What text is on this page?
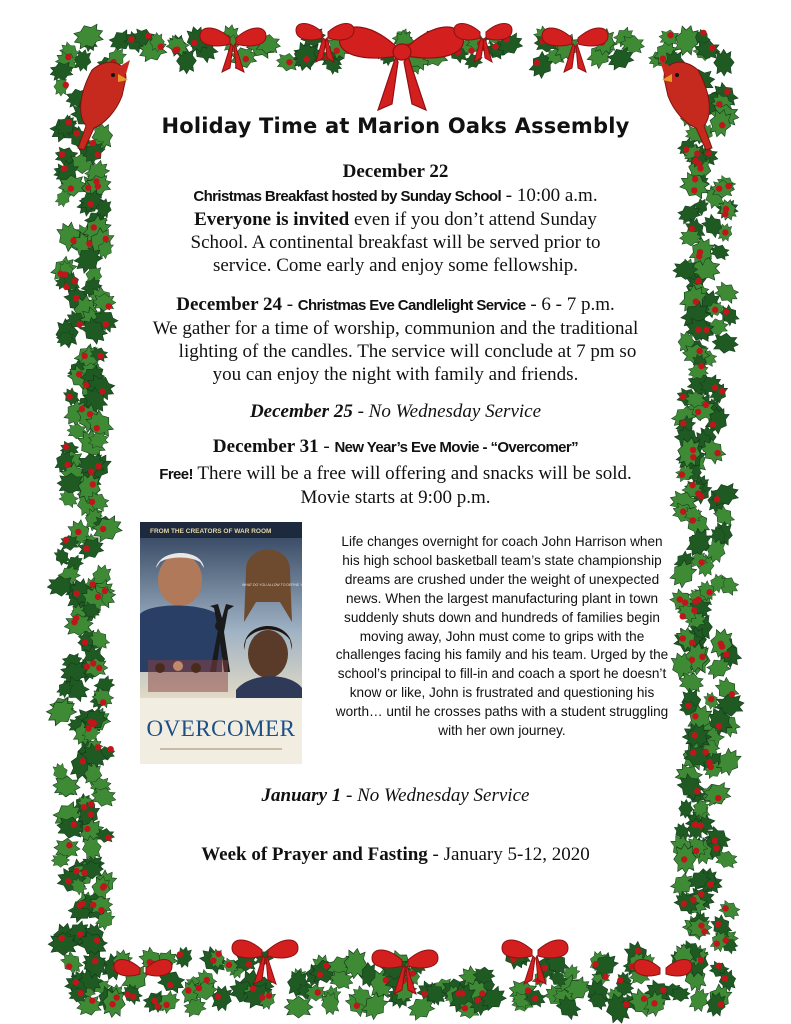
Holiday Time at Marion Oaks Assembly
December 22
Christmas Breakfast hosted by Sunday School - 10:00 a.m.
Everyone is invited even if you don’t attend Sunday
School. A continental breakfast will be served prior to
service. Come early and enjoy some fellowship.
December 24 - Christmas Eve Candlelight Service - 6 - 7 p.m.
We gather for a time of worship, communion and the traditional
lighting of the candles. The service will conclude at 7 pm so
you can enjoy the night with family and friends.
December 25 - No Wednesday Service
December 31 - New Year’s Eve Movie - “Overcomer”
Free! There will be a free will offering and snacks will be sold.
Movie starts at 9:00 p.m.
FROM THE CREATORS OF WAR ROOM
OVERCOMER
WHAT DO YOU ALLOW TO DEFINE YOU?
Life changes overnight for coach John Harrison when
his high school basketball team’s state championship
dreams are crushed under the weight of unexpected
news. When the largest manufacturing plant in town
suddenly shuts down and hundreds of families begin
moving away, John must come to grips with the
challenges facing his family and his team. Urged by the
school’s principal to fill-in and coach a sport he doesn’t
know or like, John is frustrated and questioning his
worth… until he crosses paths with a student struggling
with her own journey.
January 1 - No Wednesday Service
Week of Prayer and Fasting - January 5-12, 2020
